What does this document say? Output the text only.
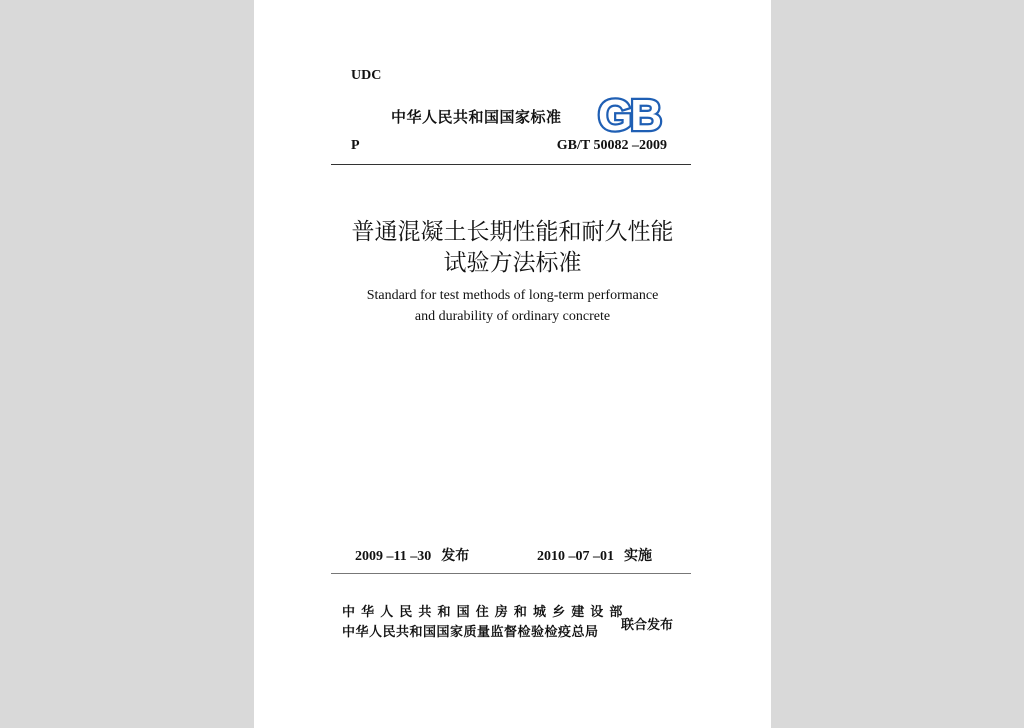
UDC
中华人民共和国国家标准 GB
P	GB/T 50082 –2009
普通混凝土长期性能和耐久性能
试验方法标准
Standard for test methods of long-term performance
and durability of ordinary concrete
2009 –11 –30 发布	2010 –07 –01 实施
中华人民共和国住房和城乡建设部
中华人民共和国国家质量监督检验检疫总局	联合发布
